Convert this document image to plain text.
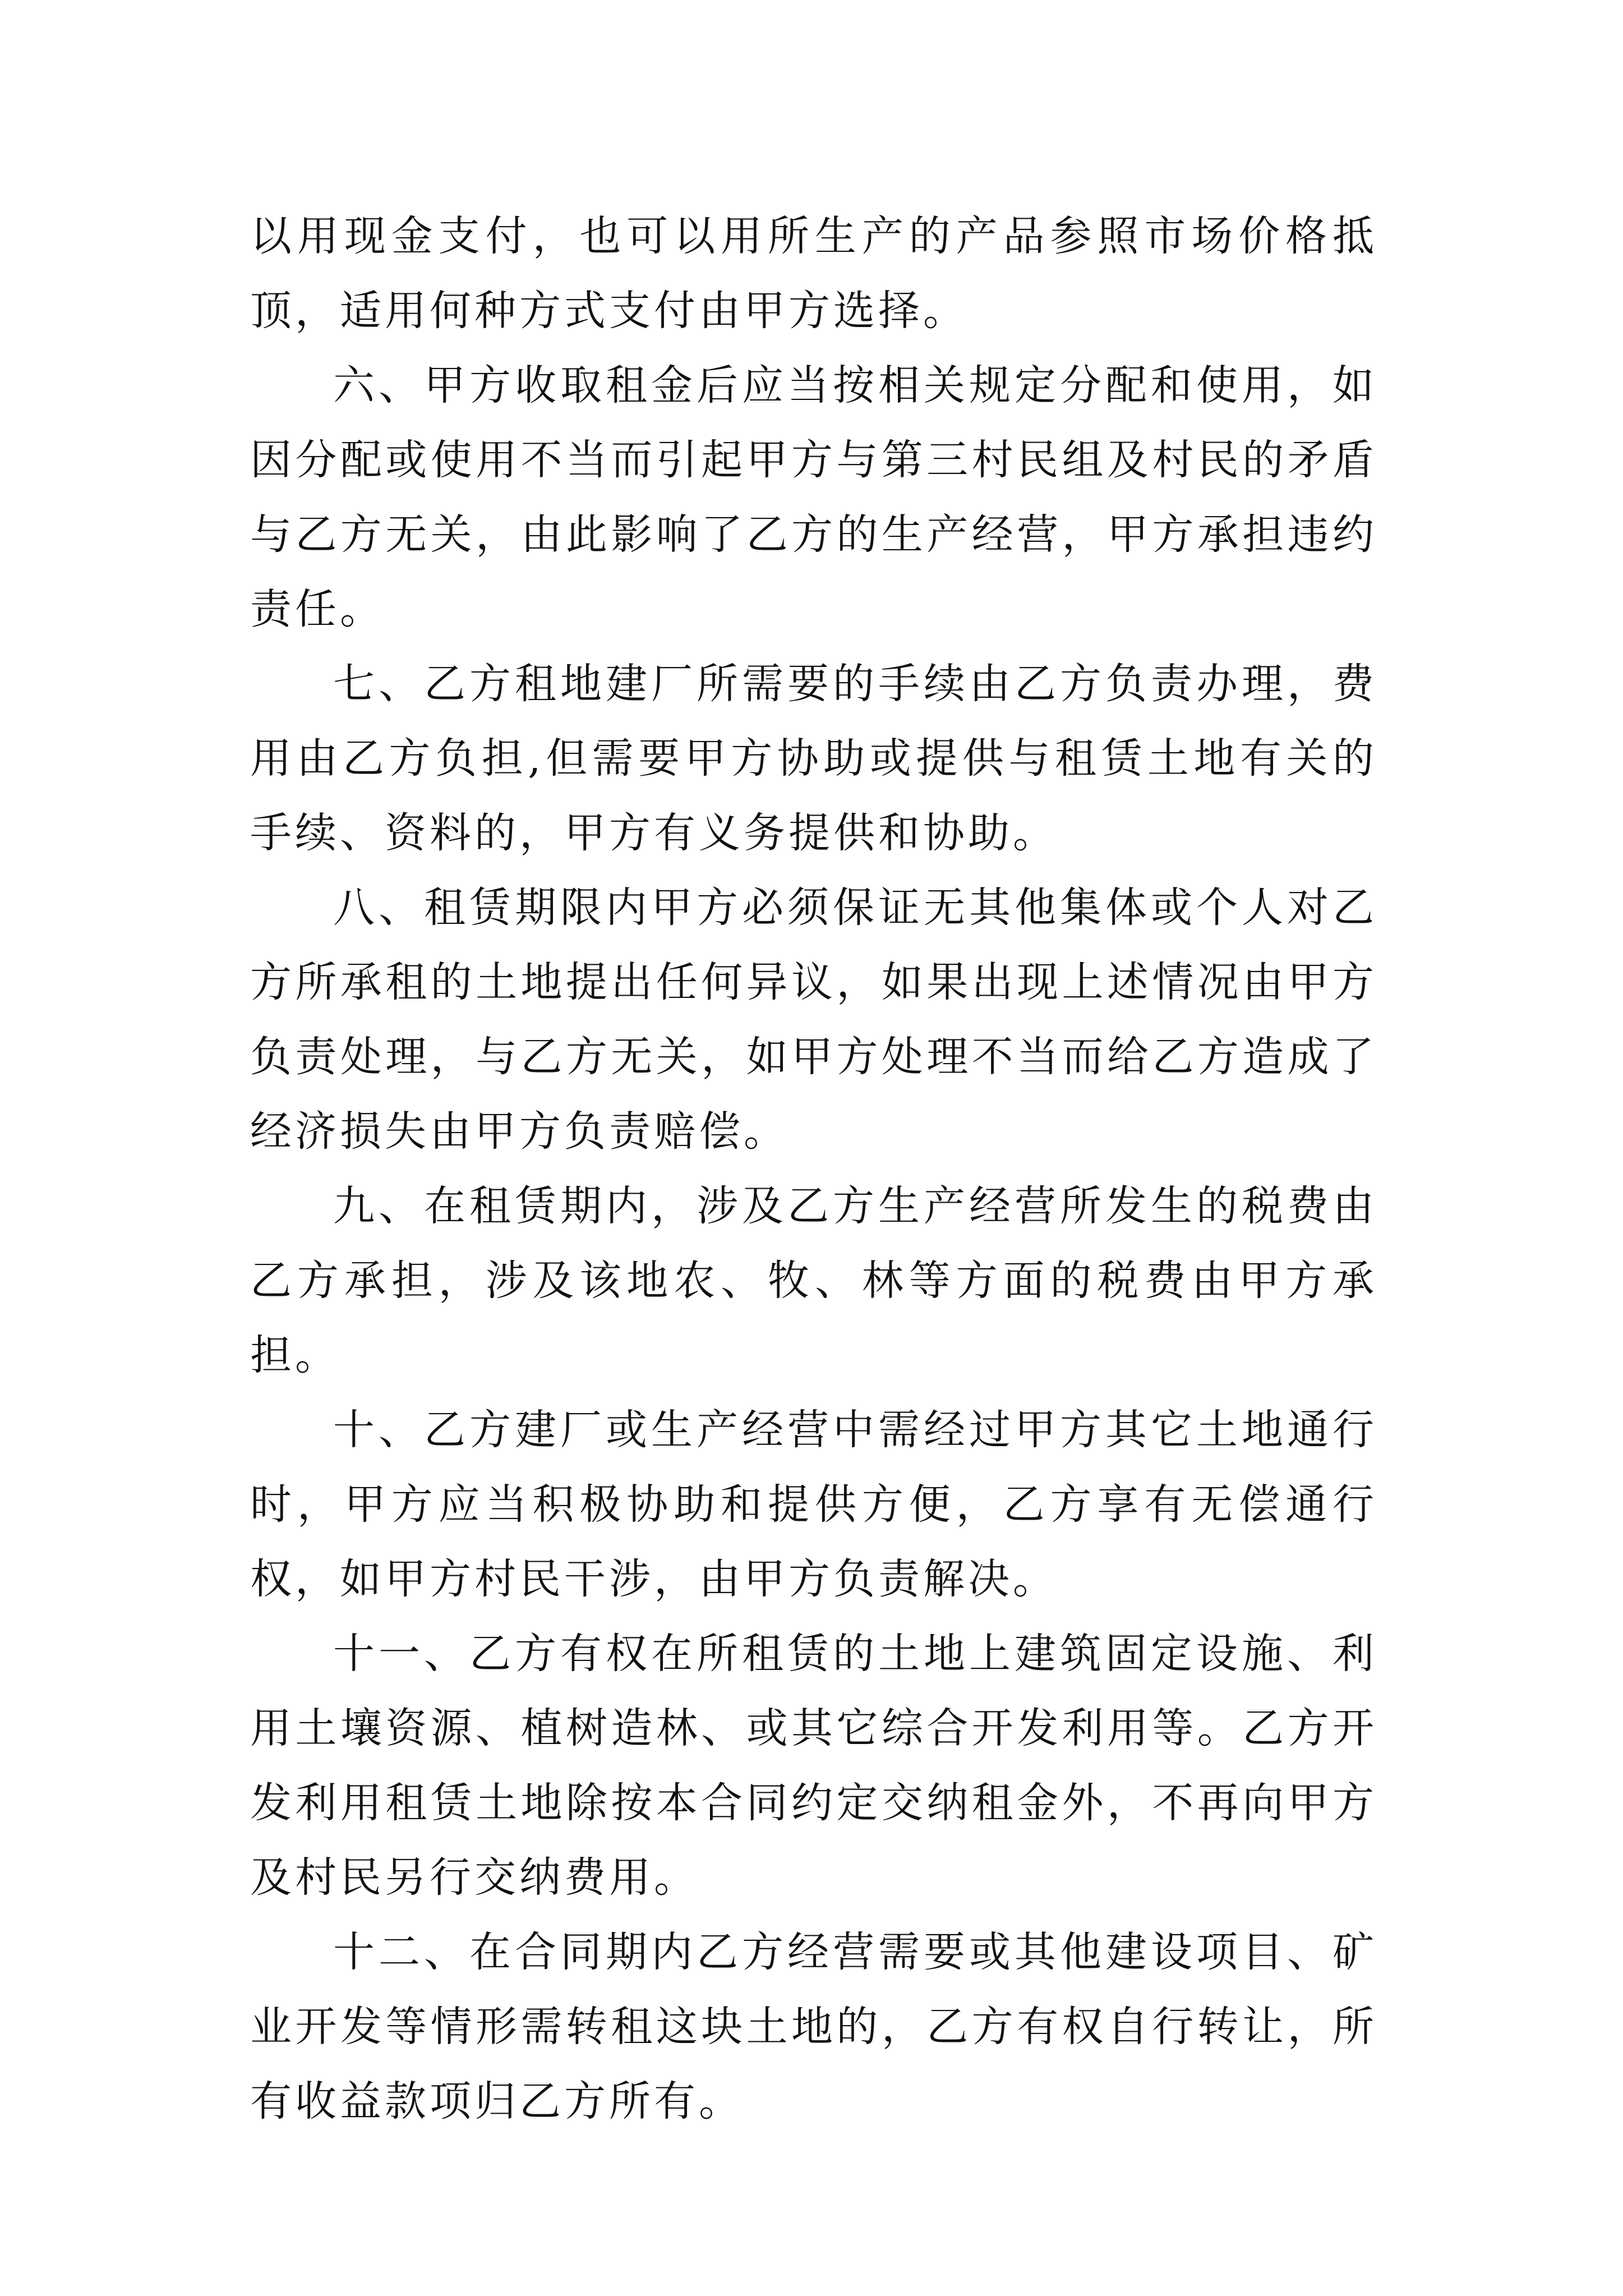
以用现金支付，也可以用所生产的产品参照市场价格抵顶，适用何种方式支付由甲方选择。

六、甲方收取租金后应当按相关规定分配和使用，如因分配或使用不当而引起甲方与第三村民组及村民的矛盾与乙方无关，由此影响了乙方的生产经营，甲方承担违约责任。

七、乙方租地建厂所需要的手续由乙方负责办理，费用由乙方负担,但需要甲方协助或提供与租赁土地有关的手续、资料的，甲方有义务提供和协助。

八、租赁期限内甲方必须保证无其他集体或个人对乙方所承租的土地提出任何异议，如果出现上述情况由甲方负责处理，与乙方无关，如甲方处理不当而给乙方造成了经济损失由甲方负责赔偿。

九、在租赁期内，涉及乙方生产经营所发生的税费由乙方承担，涉及该地农、牧、林等方面的税费由甲方承担。

十、乙方建厂或生产经营中需经过甲方其它土地通行时，甲方应当积极协助和提供方便，乙方享有无偿通行权，如甲方村民干涉，由甲方负责解决。

十一、乙方有权在所租赁的土地上建筑固定设施、利用土壤资源、植树造林、或其它综合开发利用等。乙方开发利用租赁土地除按本合同约定交纳租金外，不再向甲方及村民另行交纳费用。

十二、在合同期内乙方经营需要或其他建设项目、矿业开发等情形需转租这块土地的，乙方有权自行转让，所有收益款项归乙方所有。
